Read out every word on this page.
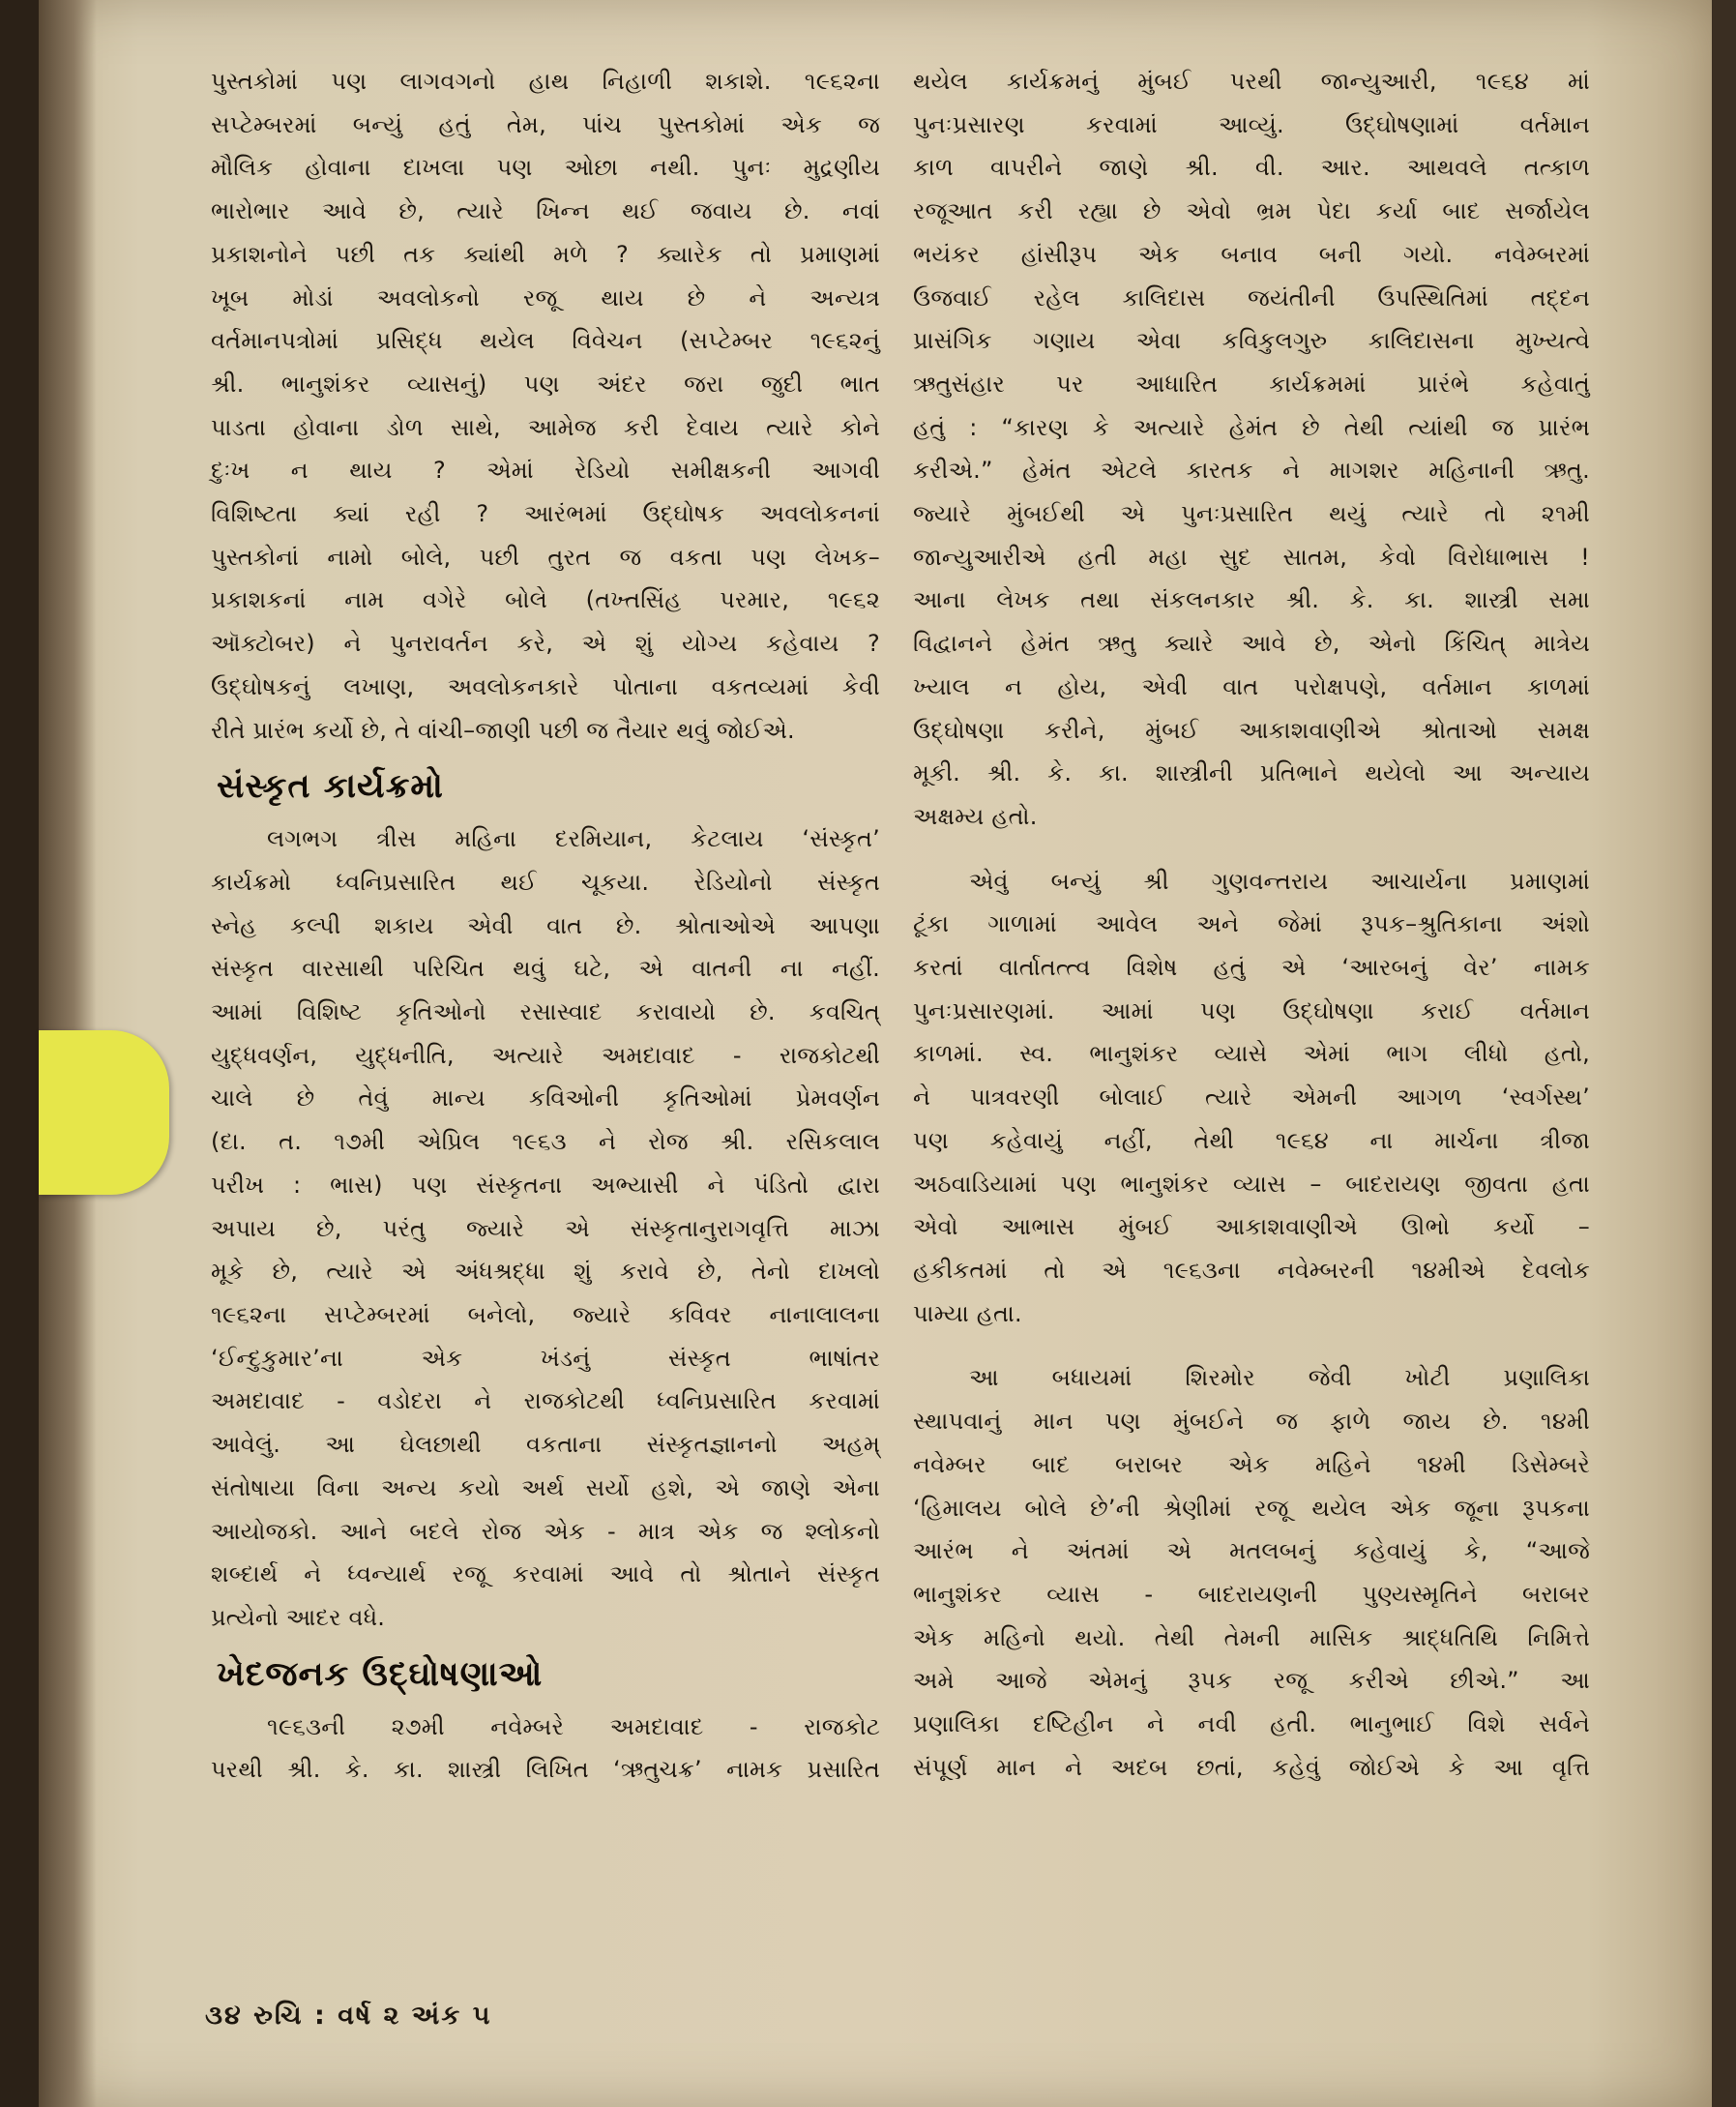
પુસ્તકોમાં પણ લાગવગનો હાથ નિહાળી શકાશે. ૧૯૬૨ના

સપ્ટેમ્બરમાં બન્યું હતું તેમ, પાંચ પુસ્તકોમાં એક જ

મૌલિક હોવાના દાખલા પણ ઓછા નથી. પુનઃ મુદ્રણીય

ભારોભાર આવે છે, ત્યારે ખિન્ન થઈ જવાય છે. નવાં

પ્રકાશનોને પછી તક ક્યાંથી મળે ? ક્યારેક તો પ્રમાણમાં

ખૂબ મોડાં અવલોકનો રજૂ થાય છે ને અન્યત્ર

વર્તમાનપત્રોમાં પ્રસિદ્ધ થયેલ વિવેચન (સપ્ટેમ્બર ૧૯૬૨નું

શ્રી. ભાનુશંકર વ્યાસનું) પણ અંદર જરા જુદી ભાત

પાડતા હોવાના ડોળ સાથે, આમેજ કરી દેવાય ત્યારે કોને

દુઃખ ન થાય ? એમાં રેડિયો સમીક્ષકની આગવી

વિશિષ્ટતા ક્યાં રહી ? આરંભમાં ઉદ્ઘોષક અવલોકનનાં

પુસ્તકોનાં નામો બોલે, પછી તુરત જ વકતા પણ લેખક–

પ્રકાશકનાં નામ વગેરે બોલે (તખ્તસિંહ પરમાર, ૧૯૬૨

ઑક્ટોબર) ને પુનરાવર્તન કરે, એ શું યોગ્ય કહેવાય ?

ઉદ્ઘોષકનું લખાણ, અવલોકનકારે પોતાના વકતવ્યમાં કેવી

રીતે પ્રારંભ કર્યો છે, તે વાંચી–જાણી પછી જ તૈયાર થવું જોઈએ.

સંસ્કૃત કાર્યક્રમો

લગભગ ત્રીસ મહિના દરમિયાન, કેટલાય ‘સંસ્કૃત’

કાર્યક્રમો ધ્વનિપ્રસારિત થઈ ચૂકયા. રેડિયોનો સંસ્કૃત

સ્નેહ કલ્પી શકાય એવી વાત છે. શ્રોતાઓએ આપણા

સંસ્કૃત વારસાથી પરિચિત થવું ઘટે, એ વાતની ના નહીં.

આમાં વિશિષ્ટ કૃતિઓનો રસાસ્વાદ કરાવાયો છે. કવચિત્

યુદ્ધવર્ણન, યુદ્ધનીતિ, અત્યારે અમદાવાદ - રાજકોટથી

ચાલે છે તેવું માન્ય કવિઓની કૃતિઓમાં પ્રેમવર્ણન

(દા. ત. ૧૭મી એપ્રિલ ૧૯૬૩ ને રોજ શ્રી. રસિકલાલ

પરીખ : ભાસ) પણ સંસ્કૃતના અભ્યાસી ને પંડિતો દ્વારા

અપાય છે, પરંતુ જ્યારે એ સંસ્કૃતાનુરાગવૃત્તિ માઝા

મૂકે છે, ત્યારે એ અંધશ્રદ્ધા શું કરાવે છે, તેનો દાખલો

૧૯૬૨ના સપ્ટેમ્બરમાં બનેલો, જ્યારે કવિવર નાનાલાલના

‘ઈન્દુકુમાર’ના એક ખંડનું સંસ્કૃત ભાષાંતર

અમદાવાદ - વડોદરા ને રાજકોટથી ધ્વનિપ્રસારિત કરવામાં

આવેલું. આ ઘેલછાથી વકતાના સંસ્કૃતજ્ઞાનનો અહમ્

સંતોષાયા વિના અન્ય કયો અર્થ સર્યો હશે, એ જાણે એના

આયોજકો. આને બદલે રોજ એક - માત્ર એક જ શ્લોકનો

શબ્દાર્થ ને ધ્વન્યાર્થ રજૂ કરવામાં આવે તો શ્રોતાને સંસ્કૃત

પ્રત્યેનો આદર વધે.

ખેદજનક ઉદ્ઘોષણાઓ

૧૯૬૩ની ૨૭મી નવેમ્બરે અમદાવાદ - રાજકોટ

પરથી શ્રી. કે. કા. શાસ્ત્રી લિખિત ‘ઋતુચક્ર’ નામક પ્રસારિત

થયેલ કાર્યક્રમનું મુંબઈ પરથી જાન્યુઆરી, ૧૯૬૪ માં

પુનઃપ્રસારણ કરવામાં આવ્યું. ઉદ્ઘોષણામાં વર્તમાન

કાળ વાપરીને જાણે શ્રી. વી. આર. આથવલે તત્કાળ

રજૂઆત કરી રહ્યા છે એવો ભ્રમ પેદા કર્યા બાદ સર્જાયેલ

ભયંકર હાંસીરૂપ એક બનાવ બની ગયો. નવેમ્બરમાં

ઉજવાઈ રહેલ કાલિદાસ જયંતીની ઉપસ્થિતિમાં તદ્દન

પ્રાસંગિક ગણાય એવા કવિકુલગુરુ કાલિદાસના મુખ્યત્વે

ઋતુસંહાર પર આધારિત કાર્યક્રમમાં પ્રારંભે કહેવાતું

હતું : “કારણ કે અત્યારે હેમંત છે તેથી ત્યાંથી જ પ્રારંભ

કરીએ.” હેમંત એટલે કારતક ને માગશર મહિનાની ઋતુ.

જ્યારે મુંબઈથી એ પુનઃપ્રસારિત થયું ત્યારે તો ૨૧મી

જાન્યુઆરીએ હતી મહા સુદ સાતમ, કેવો વિરોધાભાસ !

આના લેખક તથા સંકલનકાર શ્રી. કે. કા. શાસ્ત્રી સમા

વિદ્વાનને હેમંત ઋતુ ક્યારે આવે છે, એનો કિંચિત્ માત્રેય

ખ્યાલ ન હોય, એવી વાત પરોક્ષપણે, વર્તમાન કાળમાં

ઉદ્ઘોષણા કરીને, મુંબઈ આકાશવાણીએ શ્રોતાઓ સમક્ષ

મૂકી. શ્રી. કે. કા. શાસ્ત્રીની પ્રતિભાને થયેલો આ અન્યાય

અક્ષમ્ય હતો.

એવું બન્યું શ્રી ગુણવન્તરાય આચાર્યના પ્રમાણમાં

ટૂંકા ગાળામાં આવેલ અને જેમાં રૂપક–શ્રુતિકાના અંશો

કરતાં વાર્તાતત્ત્વ વિશેષ હતું એ ‘આરબનું વેર’ નામક

પુનઃપ્રસારણમાં. આમાં પણ ઉદ્ઘોષણા કરાઈ વર્તમાન

કાળમાં. સ્વ. ભાનુશંકર વ્યાસે એમાં ભાગ લીધો હતો,

ને પાત્રવરણી બોલાઈ ત્યારે એમની આગળ ‘સ્વર્ગસ્થ’

પણ કહેવાયું નહીં, તેથી ૧૯૬૪ ના માર્ચના ત્રીજા

અઠવાડિયામાં પણ ભાનુશંકર વ્યાસ – બાદરાયણ જીવતા હતા

એવો આભાસ મુંબઈ આકાશવાણીએ ઊભો કર્યો –

હકીકતમાં તો એ ૧૯૬૩ના નવેમ્બરની ૧૪મીએ દેવલોક

પામ્યા હતા.

આ બધાયમાં શિરમોર જેવી ખોટી પ્રણાલિકા

સ્થાપવાનું માન પણ મુંબઈને જ ફાળે જાય છે. ૧૪મી

નવેમ્બર બાદ બરાબર એક મહિને ૧૪મી ડિસેમ્બરે

‘હિમાલય બોલે છે’ની શ્રેણીમાં રજૂ થયેલ એક જૂના રૂપકના

આરંભ ને અંતમાં એ મતલબનું કહેવાયું કે, “આજે

ભાનુશંકર વ્યાસ - બાદરાયણની પુણ્યસ્મૃતિને બરાબર

એક મહિનો થયો. તેથી તેમની માસિક શ્રાદ્ધતિથિ નિમિત્તે

અમે આજે એમનું રૂપક રજૂ કરીએ છીએ.” આ

પ્રણાલિકા દષ્ટિહીન ને નવી હતી. ભાનુભાઈ વિશે સર્વને

સંપૂર્ણ માન ને અદબ છતાં, કહેવું જોઈએ કે આ વૃત્તિ

૩૪ રુચિ : વર્ષ ૨ અંક ૫
